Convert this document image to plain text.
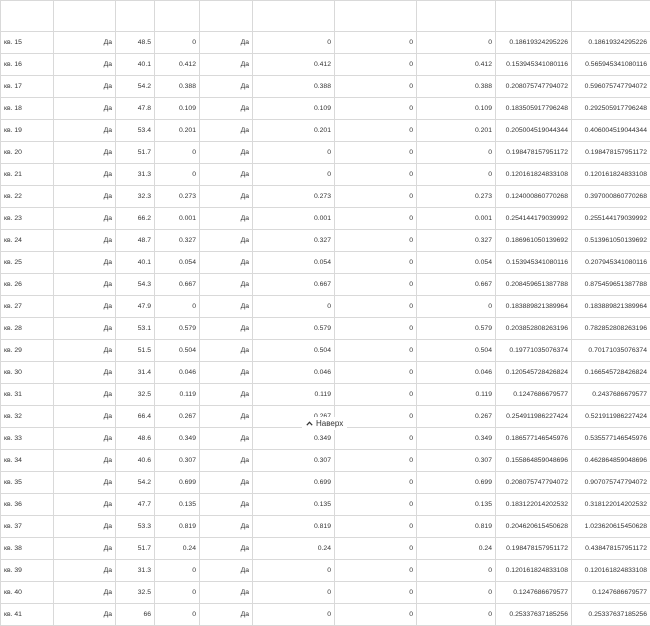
кв. 15	Да	48.5	0	Да	0	0	0	0.18619324295226	0.18619324295226
кв. 16	Да	40.1	0.412	Да	0.412	0	0.412	0.153945341080116	0.565945341080116
кв. 17	Да	54.2	0.388	Да	0.388	0	0.388	0.208075747794072	0.596075747794072
кв. 18	Да	47.8	0.109	Да	0.109	0	0.109	0.183505917796248	0.292505917796248
кв. 19	Да	53.4	0.201	Да	0.201	0	0.201	0.205004519044344	0.406004519044344
кв. 20	Да	51.7	0	Да	0	0	0	0.198478157951172	0.198478157951172
кв. 21	Да	31.3	0	Да	0	0	0	0.120161824833108	0.120161824833108
кв. 22	Да	32.3	0.273	Да	0.273	0	0.273	0.124000860770268	0.397000860770268
кв. 23	Да	66.2	0.001	Да	0.001	0	0.001	0.254144179039992	0.255144179039992
кв. 24	Да	48.7	0.327	Да	0.327	0	0.327	0.186961050139692	0.513961050139692
кв. 25	Да	40.1	0.054	Да	0.054	0	0.054	0.153945341080116	0.207945341080116
кв. 26	Да	54.3	0.667	Да	0.667	0	0.667	0.208459651387788	0.875459651387788
кв. 27	Да	47.9	0	Да	0	0	0	0.183889821389964	0.183889821389964
кв. 28	Да	53.1	0.579	Да	0.579	0	0.579	0.203852808263196	0.782852808263196
кв. 29	Да	51.5	0.504	Да	0.504	0	0.504	0.19771035076374	0.70171035076374
кв. 30	Да	31.4	0.046	Да	0.046	0	0.046	0.120545728426824	0.166545728426824
кв. 31	Да	32.5	0.119	Да	0.119	0	0.119	0.1247686679577	0.2437686679577
кв. 32	Да	66.4	0.267	Да		0	0.267	0.254911986227424	0.521911986227424
кв. 33	Да	48.6	0.349	Да	0.349	0	0.349	0.186577146545976	0.535577146545976
кв. 34	Да	40.6	0.307	Да	0.307	0	0.307	0.155864859048696	0.462864859048696
кв. 35	Да	54.2	0.699	Да	0.699	0	0.699	0.208075747794072	0.907075747794072
кв. 36	Да	47.7	0.135	Да	0.135	0	0.135	0.183122014202532	0.318122014202532
кв. 37	Да	53.3	0.819	Да	0.819	0	0.819	0.204620615450628	1.023620615450628
кв. 38	Да	51.7	0.24	Да	0.24	0	0.24	0.198478157951172	0.438478157951172
кв. 39	Да	31.3	0	Да	0	0	0	0.120161824833108	0.120161824833108
кв. 40	Да	32.5	0	Да	0	0	0	0.1247686679577	0.1247686679577
кв. 41	Да	66	0	Да	0	0	0	0.25337637185256	0.25337637185256
Наверх
